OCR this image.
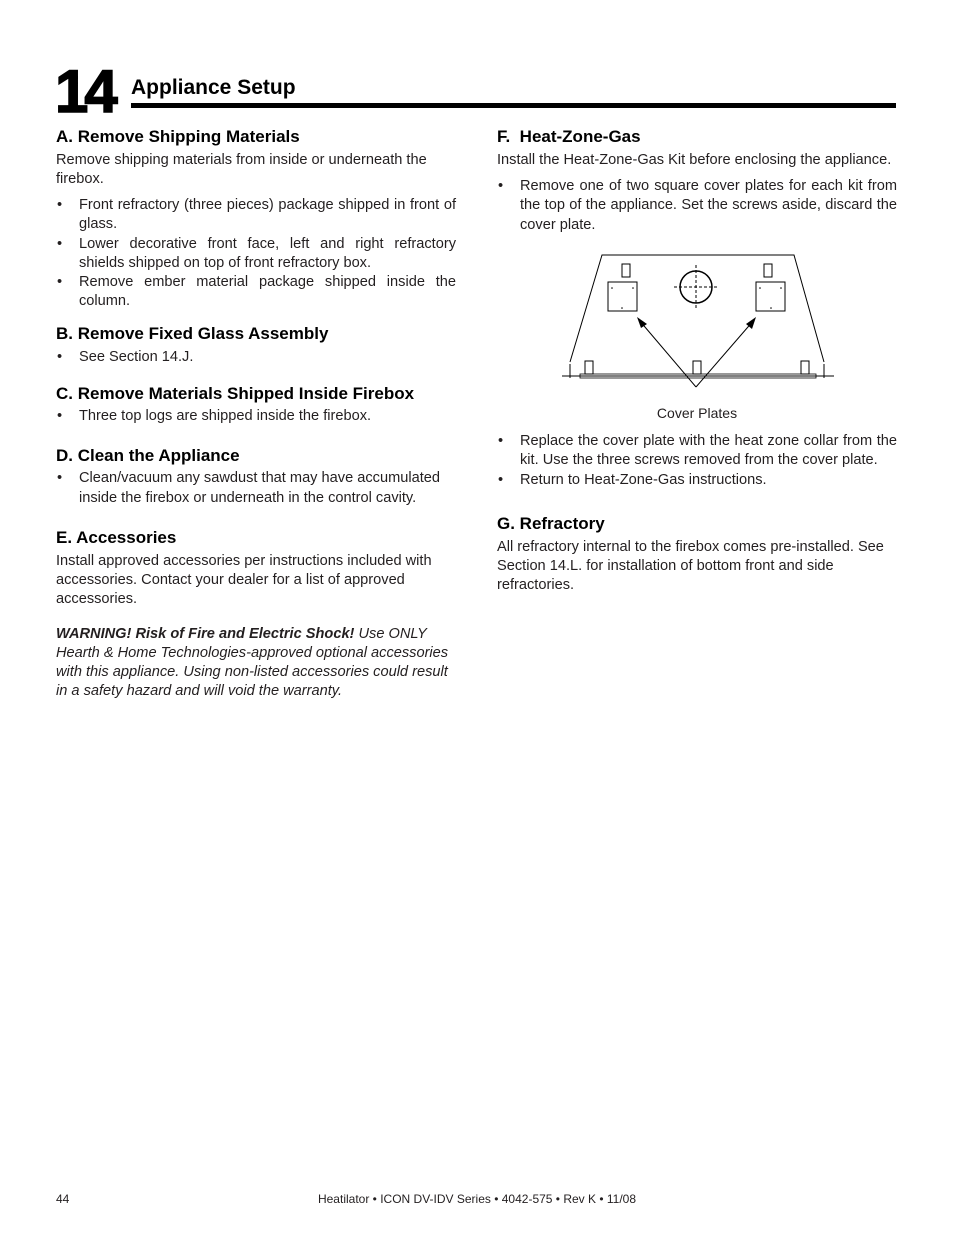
14 Appliance Setup
A. Remove Shipping Materials

Remove shipping materials from inside or underneath the firebox.

• Front refractory (three pieces) package shipped in front of glass.
• Lower decorative front face, left and right refractory shields shipped on top of front refractory box.
• Remove ember material package shipped inside the column.
B. Remove Fixed Glass Assembly
• See Section 14.J.
C. Remove Materials Shipped Inside Firebox
• Three top logs are shipped inside the firebox.
D. Clean the Appliance
• Clean/vacuum any sawdust that may have accumulated inside the firebox or underneath in the control cavity.
E. Accessories

Install approved accessories per instructions included with accessories. Contact your dealer for a list of approved accessories.

WARNING! Risk of Fire and Electric Shock! Use ONLY Hearth & Home Technologies-approved optional accessories with this appliance. Using non-listed accessories could result in a safety hazard and will void the warranty.

F.  Heat-Zone-Gas

Install the Heat-Zone-Gas Kit before enclosing the appliance.

• Remove one of two square cover plates for each kit from the top of the appliance. Set the screws aside, discard the cover plate.
Cover Plates
• Replace the cover plate with the heat zone collar from the kit. Use the three screws removed from the cover plate.
• Return to Heat-Zone-Gas instructions.
G. Refractory

All refractory internal to the firebox comes pre-installed. See Section 14.L. for installation of bottom front and side refractories.

44	Heatilator • ICON DV-IDV Series • 4042-575 • Rev K • 11/08
